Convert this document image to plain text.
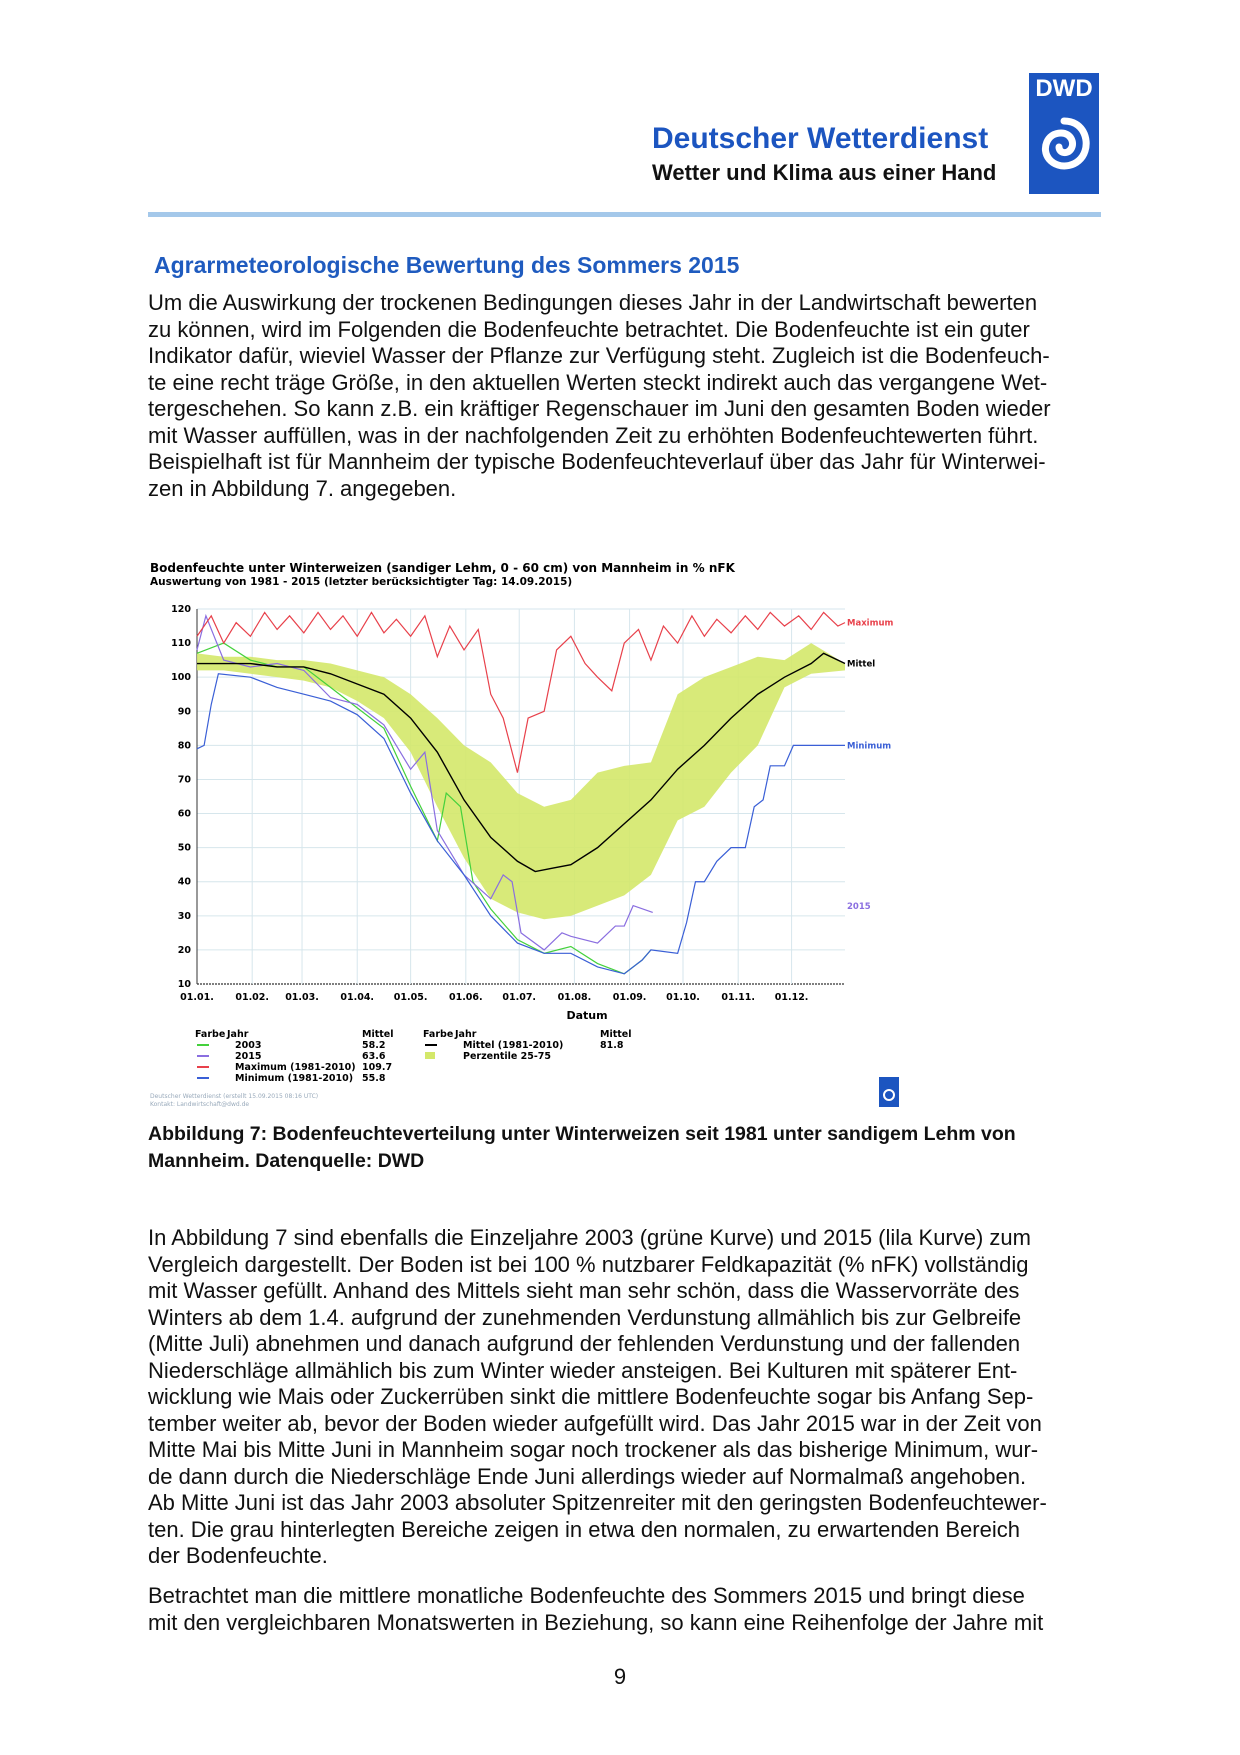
Deutscher Wetterdienst
Wetter und Klima aus einer Hand
DWD
Agrarmeteorologische Bewertung des Sommers 2015
Um die Auswirkung der trockenen Bedingungen dieses Jahr in der Landwirtschaft bewerten
zu können, wird im Folgenden die Bodenfeuchte betrachtet. Die Bodenfeuchte ist ein guter
Indikator dafür, wieviel Wasser der Pflanze zur Verfügung steht. Zugleich ist die Bodenfeuch-
te eine recht träge Größe, in den aktuellen Werten steckt indirekt auch das vergangene Wet-
tergeschehen. So kann z.B. ein kräftiger Regenschauer im Juni den gesamten Boden wieder
mit Wasser auffüllen, was in der nachfolgenden Zeit zu erhöhten Bodenfeuchtewerten führt.
Beispielhaft ist für Mannheim der typische Bodenfeuchteverlauf über das Jahr für Winterwei-
zen in Abbildung 7. angegeben.
Bodenfeuchte unter Winterweizen (sandiger Lehm, 0 - 60 cm) von Mannheim in % nFK
Auswertung von 1981 - 2015 (letzter berücksichtigter Tag: 14.09.2015)
2015
Minimum
Mittel
Maximum
120
110
100
90
80
70
60
50
40
30
20
10
01.01. 01.02. 01.03. 01.04. 01.05. 01.06. 01.07. 01.08. 01.09. 01.10. 01.11. 01.12.
Datum
Farbe Jahr	Mittel
2003	58.2
2015	63.6
Maximum (1981-2010) 109.7
Minimum (1981-2010) 55.8
Farbe Jahr	Mittel
Mittel (1981-2010)	81.8
Perzentile 25-75
Deutscher Wetterdienst (erstellt 15.09.2015 08:16 UTC)
Kontakt: Landwirtschaft@dwd.de
Abbildung 7: Bodenfeuchteverteilung unter Winterweizen seit 1981 unter sandigem Lehm von
Mannheim. Datenquelle: DWD
In Abbildung 7 sind ebenfalls die Einzeljahre 2003 (grüne Kurve) und 2015 (lila Kurve) zum
Vergleich dargestellt. Der Boden ist bei 100 % nutzbarer Feldkapazität (% nFK) vollständig
mit Wasser gefüllt. Anhand des Mittels sieht man sehr schön, dass die Wasservorräte des
Winters ab dem 1.4. aufgrund der zunehmenden Verdunstung allmählich bis zur Gelbreife
(Mitte Juli) abnehmen und danach aufgrund der fehlenden Verdunstung und der fallenden
Niederschläge allmählich bis zum Winter wieder ansteigen. Bei Kulturen mit späterer Ent-
wicklung wie Mais oder Zuckerrüben sinkt die mittlere Bodenfeuchte sogar bis Anfang Sep-
tember weiter ab, bevor der Boden wieder aufgefüllt wird. Das Jahr 2015 war in der Zeit von
Mitte Mai bis Mitte Juni in Mannheim sogar noch trockener als das bisherige Minimum, wur-
de dann durch die Niederschläge Ende Juni allerdings wieder auf Normalmaß angehoben.
Ab Mitte Juni ist das Jahr 2003 absoluter Spitzenreiter mit den geringsten Bodenfeuchtewer-
ten. Die grau hinterlegten Bereiche zeigen in etwa den normalen, zu erwartenden Bereich
der Bodenfeuchte.
Betrachtet man die mittlere monatliche Bodenfeuchte des Sommers 2015 und bringt diese
mit den vergleichbaren Monatswerten in Beziehung, so kann eine Reihenfolge der Jahre mit
9
